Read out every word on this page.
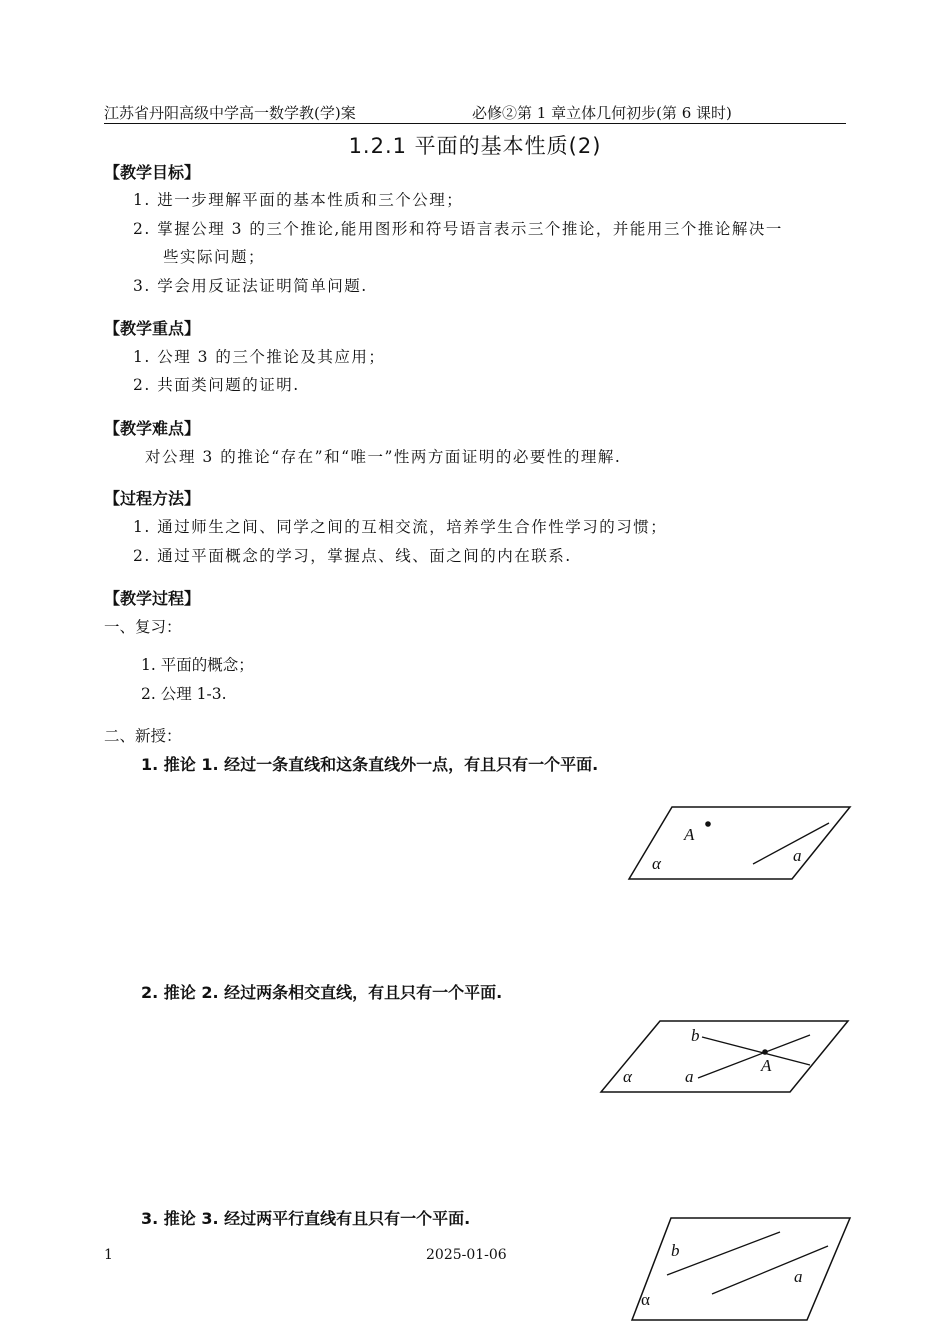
江苏省丹阳高级中学高一数学教(学)案	必修②第 1 章立体几何初步(第 6 课时)
1.2.1 平面的基本性质(2)
【教学目标】
1. 进一步理解平面的基本性质和三个公理；
2. 掌握公理 3 的三个推论,能用图形和符号语言表示三个推论，并能用三个推论解决一
些实际问题；
3. 学会用反证法证明简单问题.
【教学重点】
1. 公理 3 的三个推论及其应用；
2. 共面类问题的证明.
【教学难点】
对公理 3 的推论“存在”和“唯一”性两方面证明的必要性的理解.
【过程方法】
1. 通过师生之间、同学之间的互相交流，培养学生合作性学习的习惯；
2. 通过平面概念的学习，掌握点、线、面之间的内在联系.
【教学过程】
一、复习：
1. 平面的概念；
2. 公理 1-3.
二、新授：
1. 推论 1. 经过一条直线和这条直线外一点，有且只有一个平面.
A
a
α
2. 推论 2. 经过两条相交直线，有且只有一个平面.
b
a
A
α
3. 推论 3. 经过两平行直线有且只有一个平面.
b
a
α
1	2025-01-06
